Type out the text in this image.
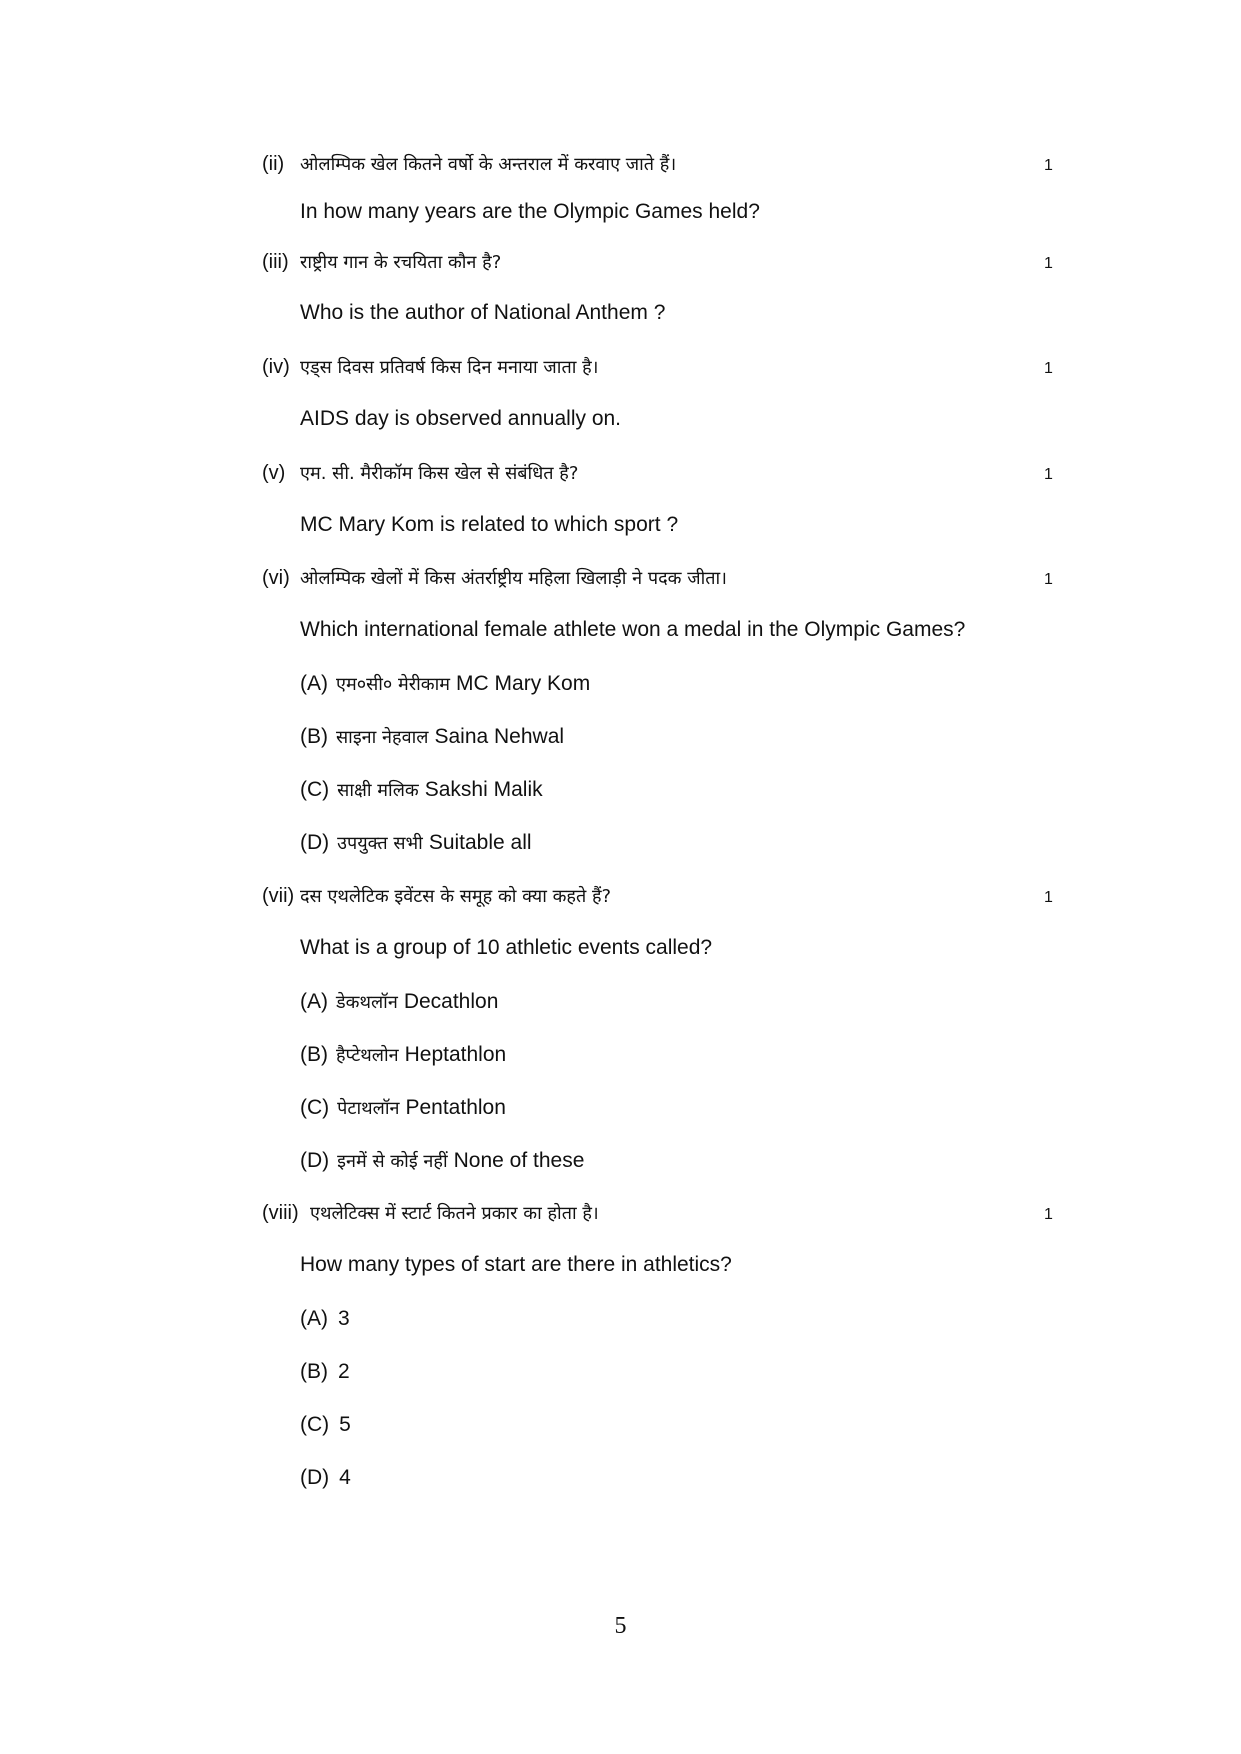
(ii) ओलम्पिक खेल कितने वर्षो के अन्तराल में करवाए जाते हैं।	1
In how many years are the Olympic Games held?
(iii) राष्ट्रीय गान के रचयिता कौन है?	1
Who is the author of National Anthem ?
(iv) एड्स दिवस प्रतिवर्ष किस दिन मनाया जाता है।	1
AIDS day is observed annually on.
(v) एम. सी. मैरीकॉम किस खेल से संबंधित है?	1
MC Mary Kom is related to which sport ?
(vi) ओलम्पिक खेलों में किस अंतर्राष्ट्रीय महिला खिलाड़ी ने पदक जीता।	1
Which international female athlete won a medal in the Olympic Games?
(A) एम०सी० मेरीकाम MC Mary Kom
(B) साइना नेहवाल Saina Nehwal
(C) साक्षी मलिक Sakshi Malik
(D) उपयुक्त सभी Suitable all
(vii) दस एथलेटिक इवेंटस के समूह को क्या कहते हैं?	1
What is a group of 10 athletic events called?
(A) डेकथलॉन Decathlon
(B) हैप्टेथलोन Heptathlon
(C) पेटाथलॉन Pentathlon
(D) इनमें से कोई नहीं None of these
(viii) एथलेटिक्स में स्टार्ट कितने प्रकार का होता है।	1
How many types of start are there in athletics?
(A) 3
(B) 2
(C) 5
(D) 4
5
